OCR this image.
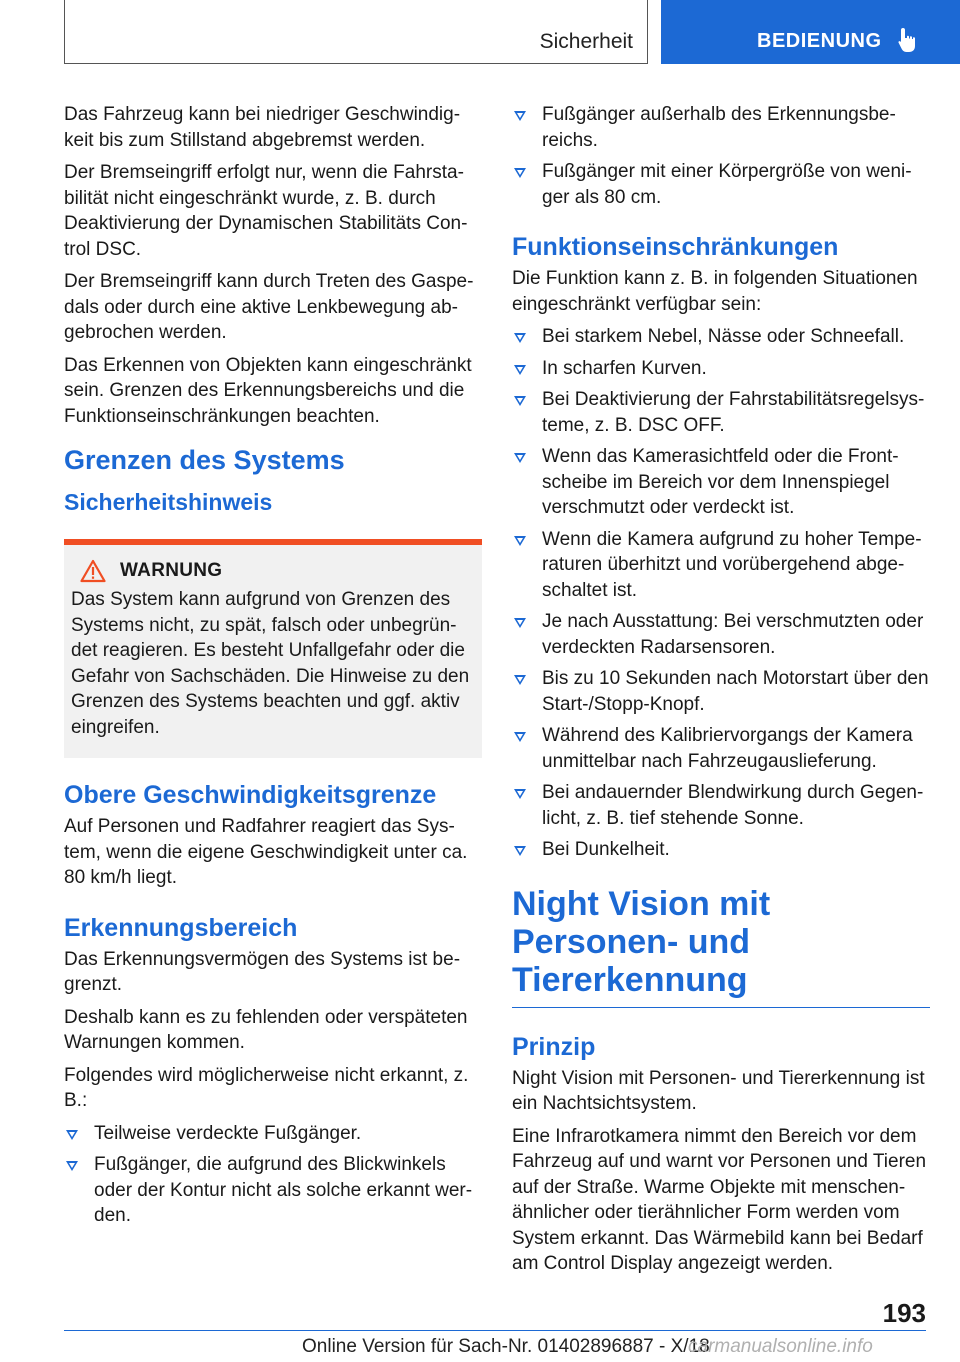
Sicherheit	BEDIENUNG

Das Fahrzeug kann bei niedriger Geschwindigkeit bis zum Stillstand abgebremst werden.

Der Bremseingriff erfolgt nur, wenn die Fahrstabilität nicht eingeschränkt wurde, z. B. durch Deaktivierung der Dynamischen Stabilitäts Control DSC.

Der Bremseingriff kann durch Treten des Gaspedals oder durch eine aktive Lenkbewegung abgebrochen werden.

Das Erkennen von Objekten kann eingeschränkt sein. Grenzen des Erkennungsbereichs und die Funktionseinschränkungen beachten.

Grenzen des Systems
Sicherheitshinweis
WARNUNG

Das System kann aufgrund von Grenzen des Systems nicht, zu spät, falsch oder unbegründet reagieren. Es besteht Unfallgefahr oder die Gefahr von Sachschäden. Die Hinweise zu den Grenzen des Systems beachten und ggf. aktiv eingreifen.

Obere Geschwindigkeitsgrenze

Auf Personen und Radfahrer reagiert das System, wenn die eigene Geschwindigkeit unter ca. 80 km/h liegt.

Erkennungsbereich

Das Erkennungsvermögen des Systems ist begrenzt.

Deshalb kann es zu fehlenden oder verspäteten Warnungen kommen.

Folgendes wird möglicherweise nicht erkannt, z. B.:

Teilweise verdeckte Fußgänger.
Fußgänger, die aufgrund des Blickwinkels oder der Kontur nicht als solche erkannt werden.
Fußgänger außerhalb des Erkennungsbereichs.
Fußgänger mit einer Körpergröße von weniger als 80 cm.
Funktionseinschränkungen

Die Funktion kann z. B. in folgenden Situationen eingeschränkt verfügbar sein:

Bei starkem Nebel, Nässe oder Schneefall.
In scharfen Kurven.
Bei Deaktivierung der Fahrstabilitätsregelsysteme, z. B. DSC OFF.
Wenn das Kamerasichtfeld oder die Frontscheibe im Bereich vor dem Innenspiegel verschmutzt oder verdeckt ist.
Wenn die Kamera aufgrund zu hoher Temperaturen überhitzt und vorübergehend abgeschaltet ist.
Je nach Ausstattung: Bei verschmutzten oder verdeckten Radarsensoren.
Bis zu 10 Sekunden nach Motorstart über den Start-/Stopp-Knopf.
Während des Kalibriervorgangs der Kamera unmittelbar nach Fahrzeugauslieferung.
Bei andauernder Blendwirkung durch Gegenlicht, z. B. tief stehende Sonne.
Bei Dunkelheit.
Night Vision mit Personen- und Tiererkennung
Prinzip

Night Vision mit Personen- und Tiererkennung ist ein Nachtsichtsystem.

Eine Infrarotkamera nimmt den Bereich vor dem Fahrzeug auf und warnt vor Personen und Tieren auf der Straße. Warme Objekte mit menschenähnlicher oder tierähnlicher Form werden vom System erkannt. Das Wärmebild kann bei Bedarf am Control Display angezeigt werden.

193
Online Version für Sach-Nr. 01402896887 - X/18
carmanualsonline.info
